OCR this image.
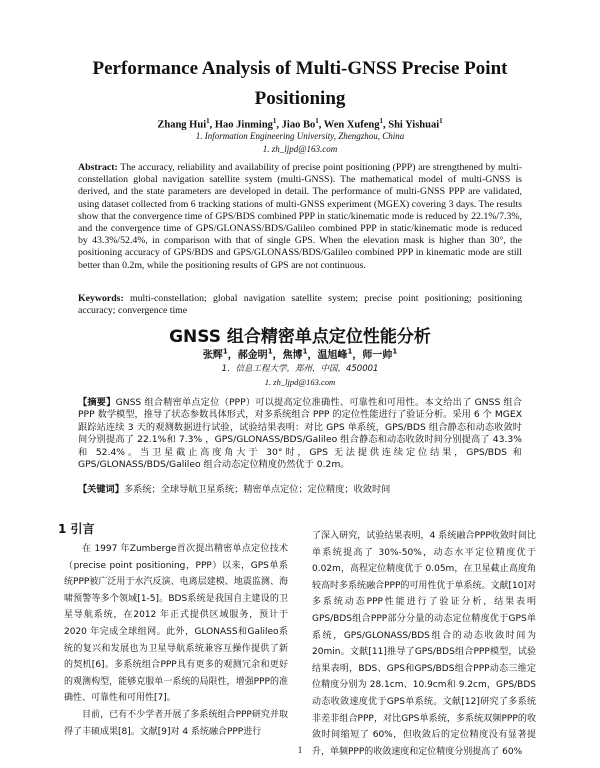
Performance Analysis of Multi-GNSS Precise Point Positioning
Zhang Hui$^1$, Hao Jinming$^1$, Jiao Bo$^1$, Wen Xufeng$^1$, Shi Yishuai$^1$
1. Information Engineering University, Zhengzhou, China
1. zh_ljpd@163.com

Abstract: The accuracy, reliability and availability of precise point positioning (PPP) are strengthened by multi-constellation global navigation satellite system (multi-GNSS). The mathematical model of multi-GNSS is derived, and the state parameters are developed in detail. The performance of multi-GNSS PPP are validated, using dataset collected from 6 tracking stations of multi-GNSS experiment (MGEX) covering 3 days. The results show that the convergence time of GPS/BDS combined PPP in static/kinematic mode is reduced by 22.1%/7.3%, and the convergence time of GPS/GLONASS/BDS/Galileo combined PPP in static/kinematic mode is reduced by 43.3%/52.4%, in comparison with that of single GPS. When the elevation mask is higher than 30°, the positioning accuracy of GPS/BDS and GPS/GLONASS/BDS/Galileo combined PPP in kinematic mode are still better than 0.2m, while the positioning results of GPS are not continuous.

Keywords: multi-constellation; global navigation satellite system; precise point positioning; positioning accuracy; convergence time

GNSS 组合精密单点定位性能分析
张辉$^1$，郝金明$^1$，焦博$^1$，温旭峰$^1$，师一帅$^1$
1．信息工程大学，郑州，中国，450001
1. zh_ljpd@163.com

【摘要】GNSS 组合精密单点定位（PPP）可以提高定位准确性、可靠性和可用性。本文给出了 GNSS 组合 PPP 数学模型，推导了状态参数具体形式，对多系统组合 PPP 的定位性能进行了验证分析。采用 6 个 MGEX 跟踪站连续 3 天的观测数据进行试验，试验结果表明：对比 GPS 单系统，GPS/BDS 组合静态和动态收敛时间分别提高了 22.1%和 7.3% ，GPS/GLONASS/BDS/Galileo 组合静态和动态收敛时间分别提高了 43.3%和 52.4%。当卫星截止高度角大于 30°时，GPS 无法提供连续定位结果，GPS/BDS 和 GPS/GLONASS/BDS/Galileo 组合动态定位精度仍然优于 0.2m。

【关键词】多系统；全球导航卫星系统；精密单点定位；定位精度；收敛时间

1 引言

在 1997 年Zumberge首次提出精密单点定位技术（precise point positioning，PPP）以来，GPS单系统PPP被广泛用于水汽反演、电离层建模、地震监测、海啸预警等多个领域[1-5]。BDS系统是我国自主建设的卫星导航系统，在2012 年正式提供区域服务，预计于 2020 年完成全球组网。此外，GLONASS和Galileo系统的复兴和发展也为卫星导航系统兼容互操作提供了新的契机[6]。多系统组合PPP具有更多的观测冗余和更好的观测构型，能够克服单一系统的局限性，增强PPP的准确性、可靠性和可用性[7]。

目前，已有不少学者开展了多系统组合PPP研究并取得了丰硕成果[8]。文献[9]对 4 系统融合PPP进行

了深入研究，试验结果表明，4 系统融合PPP收敛时间比单系统提高了 30%-50%，动态水平定位精度优于 0.02m，高程定位精度优于 0.05m，在卫星截止高度角较高时多系统融合PPP的可用性优于单系统。文献[10]对多系统动态PPP性能进行了验证分析，结果表明GPS/BDS组合PPP部分分量的动态定位精度优于GPS单系统，GPS/GLONASS/BDS组合的动态收敛时间为20min。文献[11]推导了GPS/BDS组合PPP模型，试验结果表明，BDS、GPS和GPS/BDS组合PPP动态三维定位精度分别为 28.1cm、10.9cm和 9.2cm，GPS/BDS动态收敛速度优于GPS单系统。文献[12]研究了多系统非差非组合PPP，对比GPS单系统，多系统双频PPP的收敛时间缩短了 60%，但收敛后的定位精度没有显著提升，单频PPP的收敛速度和定位精度分别提高了 60%

1
